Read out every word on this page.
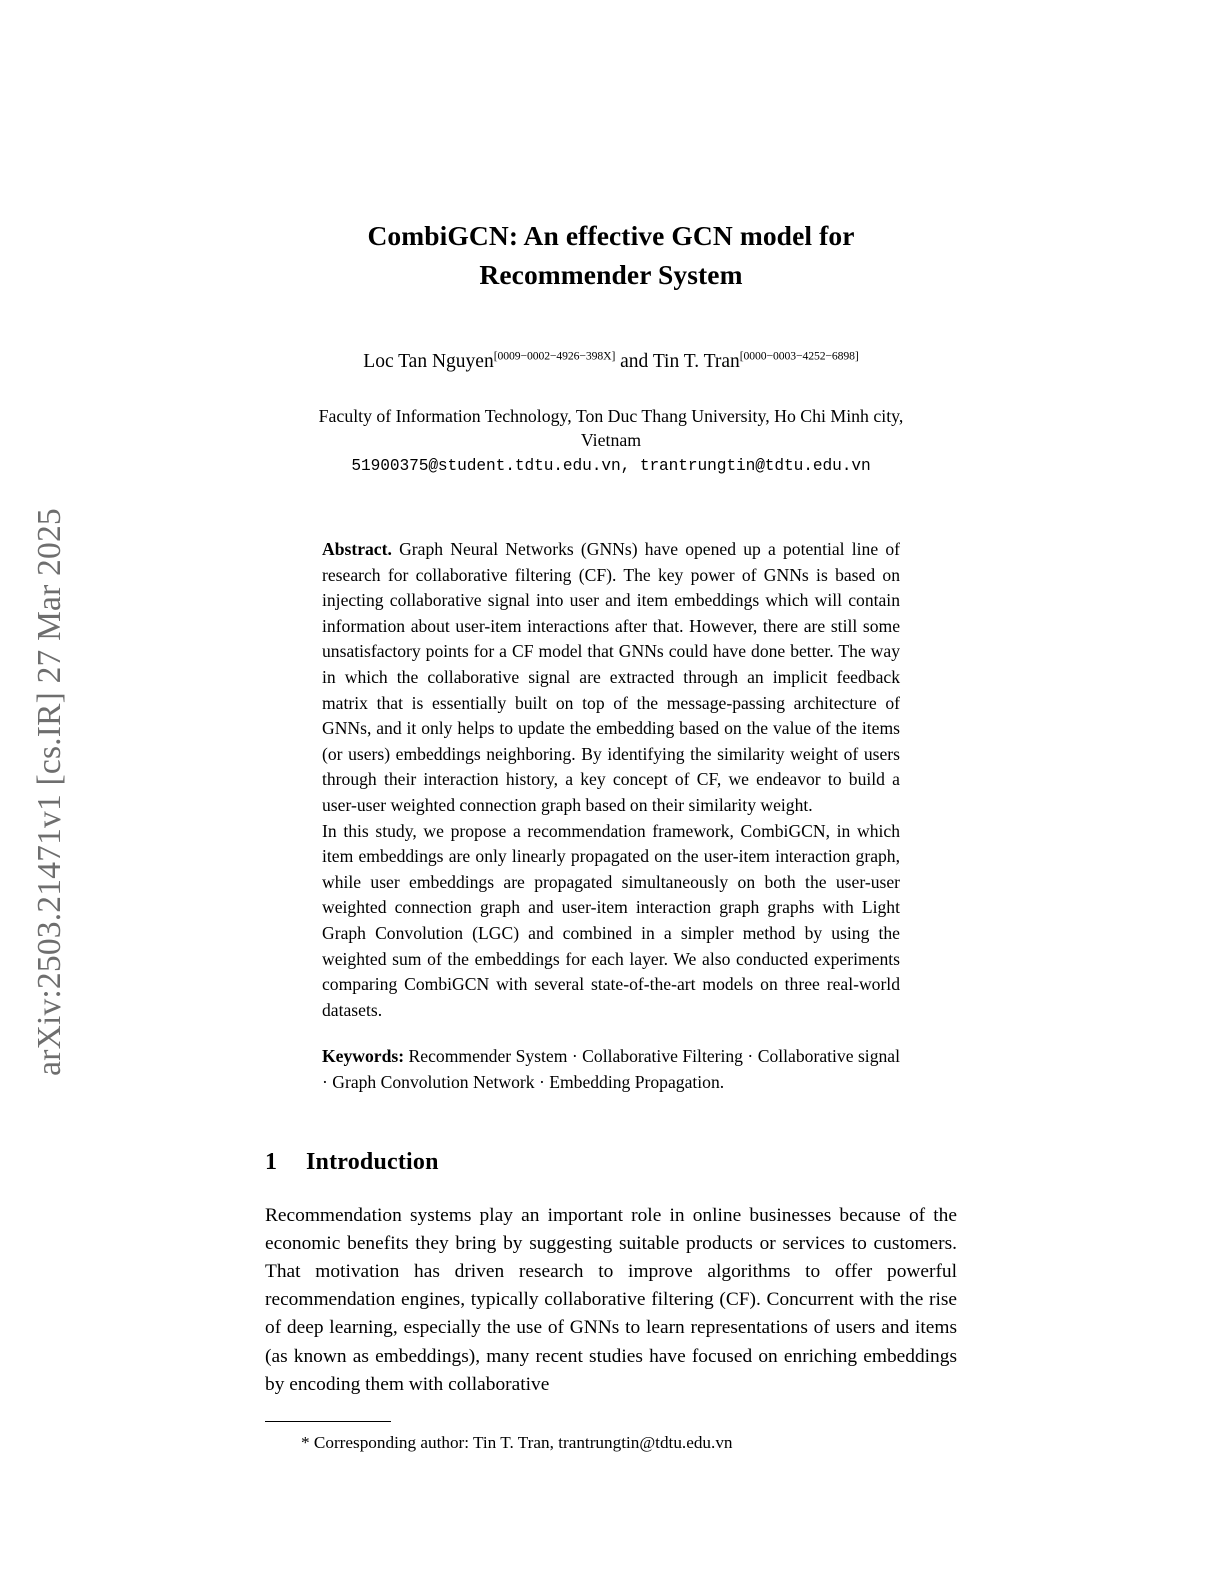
arXiv:2503.21471v1 [cs.IR] 27 Mar 2025
CombiGCN: An effective GCN model for
Recommender System

Loc Tan Nguyen[0009−0002−4926−398X] and Tin T. Tran[0000−0003−4252−6898]

Faculty of Information Technology, Ton Duc Thang University, Ho Chi Minh city,
Vietnam

51900375@student.tdtu.edu.vn, trantrungtin@tdtu.edu.vn

Abstract. Graph Neural Networks (GNNs) have opened up a potential line of research for collaborative filtering (CF). The key power of GNNs is based on injecting collaborative signal into user and item embeddings which will contain information about user-item interactions after that. However, there are still some unsatisfactory points for a CF model that GNNs could have done better. The way in which the collaborative signal are extracted through an implicit feedback matrix that is essentially built on top of the message-passing architecture of GNNs, and it only helps to update the embedding based on the value of the items (or users) embeddings neighboring. By identifying the similarity weight of users through their interaction history, a key concept of CF, we endeavor to build a user-user weighted connection graph based on their similarity weight.

In this study, we propose a recommendation framework, CombiGCN, in which item embeddings are only linearly propagated on the user-item interaction graph, while user embeddings are propagated simultaneously on both the user-user weighted connection graph and user-item interaction graph graphs with Light Graph Convolution (LGC) and combined in a simpler method by using the weighted sum of the embeddings for each layer. We also conducted experiments comparing CombiGCN with several state-of-the-art models on three real-world datasets.

Keywords: Recommender System · Collaborative Filtering · Collaborative signal · Graph Convolution Network · Embedding Propagation.

1 Introduction

Recommendation systems play an important role in online businesses because of the economic benefits they bring by suggesting suitable products or services to customers. That motivation has driven research to improve algorithms to offer powerful recommendation engines, typically collaborative filtering (CF). Concurrent with the rise of deep learning, especially the use of GNNs to learn representations of users and items (as known as embeddings), many recent studies have focused on enriching embeddings by encoding them with collaborative

* Corresponding author: Tin T. Tran, trantrungtin@tdtu.edu.vn
